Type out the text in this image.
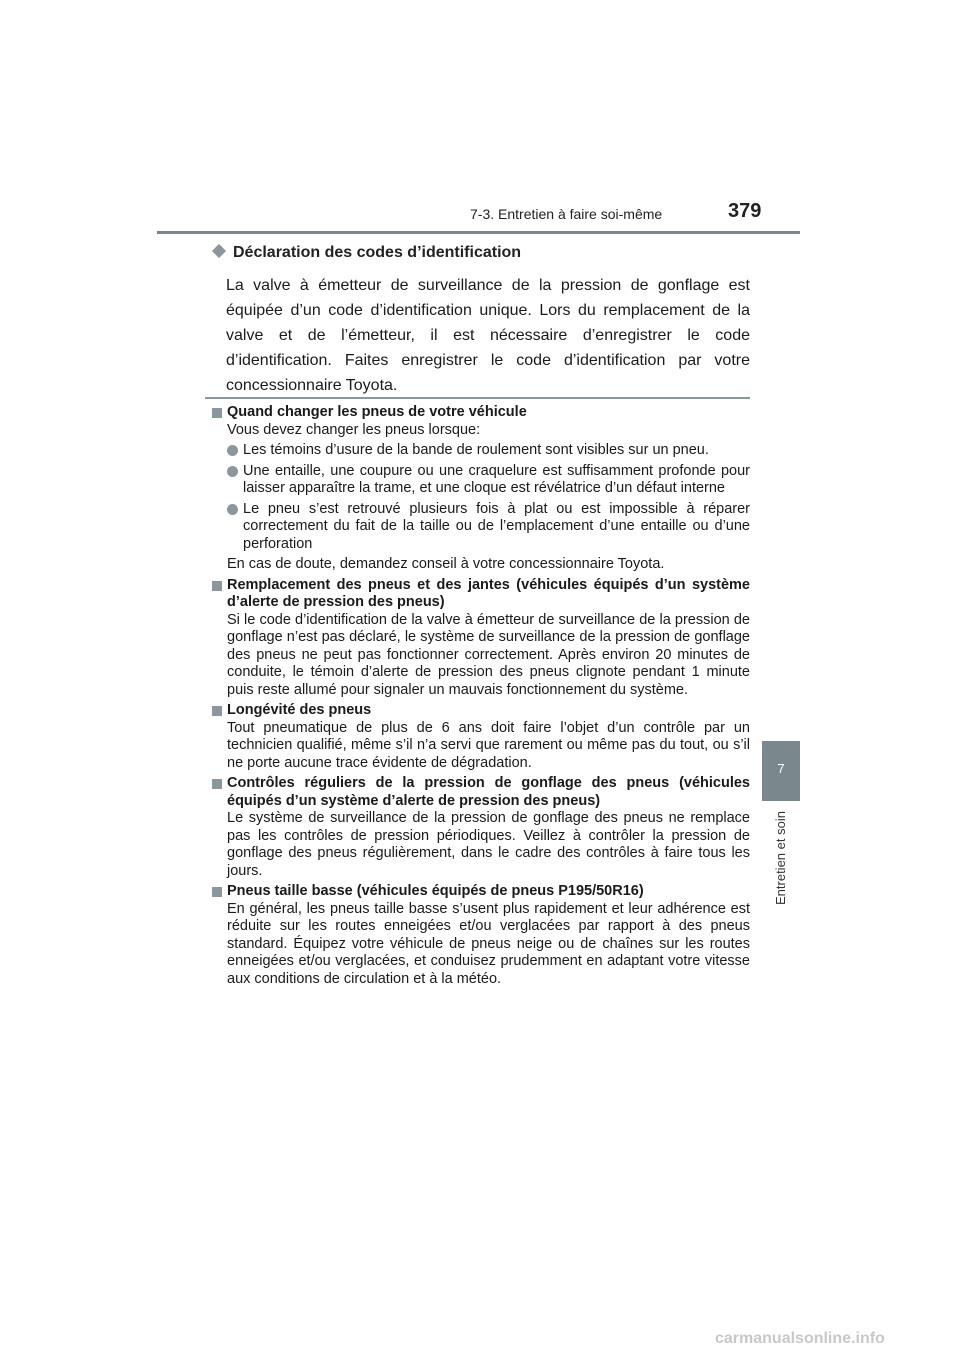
7-3. Entretien à faire soi-même	379
7
Entretien et soin
Déclaration des codes d’identification
La valve à émetteur de surveillance de la pression de gonflage est équipée d’un code d’identification unique. Lors du remplacement de la valve et de l’émetteur, il est nécessaire d’enregistrer le code d’identification. Faites enregistrer le code d’identification par votre concessionnaire Toyota.
Quand changer les pneus de votre véhicule
Vous devez changer les pneus lorsque:
Les témoins d’usure de la bande de roulement sont visibles sur un pneu.
Une entaille, une coupure ou une craquelure est suffisamment profonde pour laisser apparaître la trame, et une cloque est révélatrice d’un défaut interne
Le pneu s’est retrouvé plusieurs fois à plat ou est impossible à réparer correctement du fait de la taille ou de l’emplacement d’une entaille ou d’une perforation
En cas de doute, demandez conseil à votre concessionnaire Toyota.
Remplacement des pneus et des jantes (véhicules équipés d’un système d’alerte de pression des pneus)
Si le code d’identification de la valve à émetteur de surveillance de la pression de gonflage n’est pas déclaré, le système de surveillance de la pression de gonflage des pneus ne peut pas fonctionner correctement. Après environ 20 minutes de conduite, le témoin d’alerte de pression des pneus clignote pendant 1 minute puis reste allumé pour signaler un mauvais fonctionnement du système.
Longévité des pneus
Tout pneumatique de plus de 6 ans doit faire l’objet d’un contrôle par un technicien qualifié, même s’il n’a servi que rarement ou même pas du tout, ou s’il ne porte aucune trace évidente de dégradation.
Contrôles réguliers de la pression de gonflage des pneus (véhicules équipés d’un système d’alerte de pression des pneus)
Le système de surveillance de la pression de gonflage des pneus ne remplace pas les contrôles de pression périodiques. Veillez à contrôler la pression de gonflage des pneus régulièrement, dans le cadre des contrôles à faire tous les jours.
Pneus taille basse (véhicules équipés de pneus P195/50R16)
En général, les pneus taille basse s’usent plus rapidement et leur adhérence est réduite sur les routes enneigées et/ou verglacées par rapport à des pneus standard. Équipez votre véhicule de pneus neige ou de chaînes sur les routes enneigées et/ou verglacées, et conduisez prudemment en adaptant votre vitesse aux conditions de circulation et à la météo.
carmanualsonline.info
